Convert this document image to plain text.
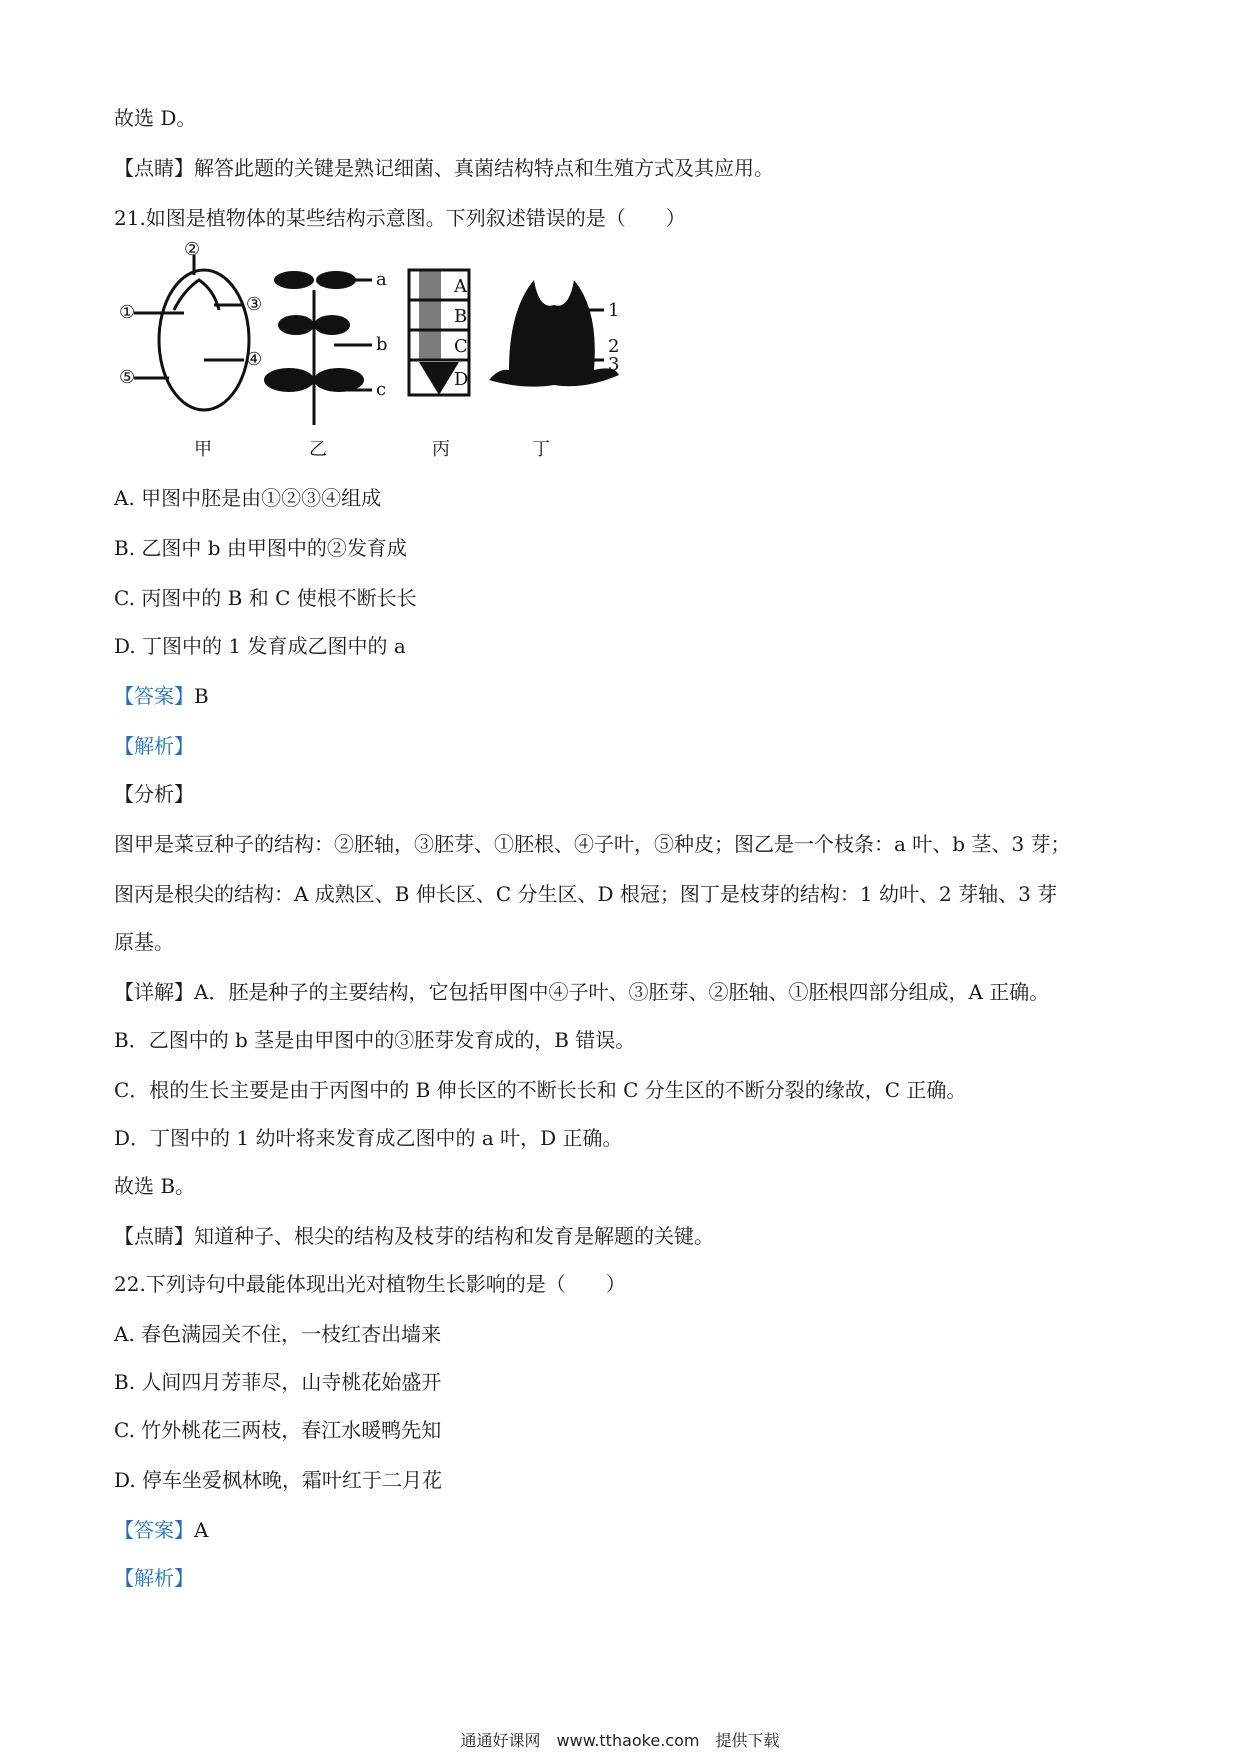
故选 D。
【点睛】解答此题的关键是熟记细菌、真菌结构特点和生殖方式及其应用。
21.如图是植物体的某些结构示意图。下列叙述错误的是（　　）
①
②
③
④
⑤
a
b
c
A
B
C
D
1
2
3
甲	乙	丙	丁
A. 甲图中胚是由①②③④组成
B. 乙图中 b 由甲图中的②发育成
C. 丙图中的 B 和 C 使根不断长长
D. 丁图中的 1 发育成乙图中的 a
【答案】B
【解析】
【分析】
图甲是菜豆种子的结构：②胚轴，③胚芽、①胚根、④子叶，⑤种皮；图乙是一个枝条：a 叶、b 茎、3 芽；
图丙是根尖的结构：A 成熟区、B 伸长区、C 分生区、D 根冠；图丁是枝芽的结构：1 幼叶、2 芽轴、3 芽
原基。
【详解】A．胚是种子的主要结构，它包括甲图中④子叶、③胚芽、②胚轴、①胚根四部分组成，A 正确。
B．乙图中的 b 茎是由甲图中的③胚芽发育成的，B 错误。
C．根的生长主要是由于丙图中的 B 伸长区的不断长长和 C 分生区的不断分裂的缘故，C 正确。
D．丁图中的 1 幼叶将来发育成乙图中的 a 叶，D 正确。
故选 B。
【点睛】知道种子、根尖的结构及枝芽的结构和发育是解题的关键。
22.下列诗句中最能体现出光对植物生长影响的是（　　）
A. 春色满园关不住，一枝红杏出墙来
B. 人间四月芳菲尽，山寺桃花始盛开
C. 竹外桃花三两枝，春江水暖鸭先知
D. 停车坐爱枫林晚，霜叶红于二月花
【答案】A
【解析】
通通好课网　www.tthaoke.com　提供下载
